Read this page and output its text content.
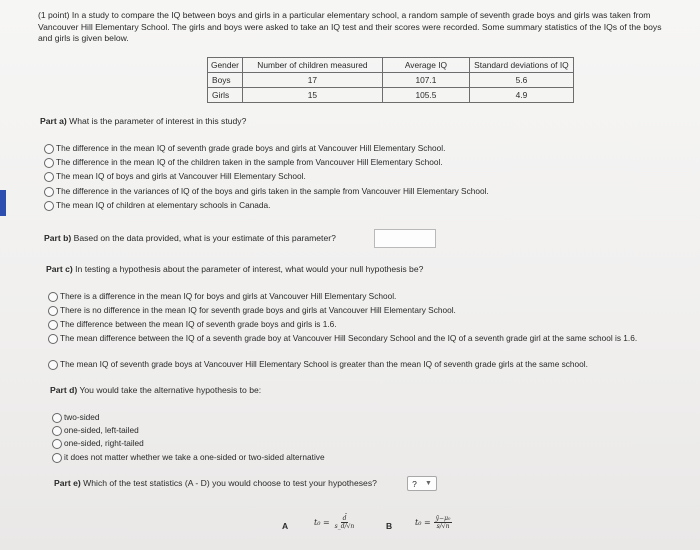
(1 point) In a study to compare the IQ between boys and girls in a particular elementary school, a random sample of seventh grade boys and girls was taken from Vancouver Hill Elementary School. The girls and boys were asked to take an IQ test and their scores were recorded. Some summary statistics of the IQs of the boys and girls is given below.
Gender	Number of children measured	Average IQ	Standard deviations of IQ
Boys	17	107.1	5.6
Girls	15	105.5	4.9
Part a) What is the parameter of interest in this study?
The difference in the mean IQ of seventh grade grade boys and girls at Vancouver Hill Elementary School.
The difference in the mean IQ of the children taken in the sample from Vancouver Hill Elementary School.
The mean IQ of boys and girls at Vancouver Hill Elementary School.
The difference in the variances of IQ of the boys and girls taken in the sample from Vancouver Hill Elementary School.
The mean IQ of children at elementary schools in Canada.
Part b) Based on the data provided, what is your estimate of this parameter?
Part c) In testing a hypothesis about the parameter of interest, what would your null hypothesis be?
There is a difference in the mean IQ for boys and girls at Vancouver Hill Elementary School.
There is no difference in the mean IQ for seventh grade boys and girls at Vancouver Hill Elementary School.
The difference between the mean IQ of seventh grade boys and girls is 1.6.
The mean difference between the IQ of a seventh grade boy at Vancouver Hill Secondary School and the IQ of a seventh grade girl at the same school is 1.6.
The mean IQ of seventh grade boys at Vancouver Hill Elementary School is greater than the mean IQ of seventh grade girls at the same school.
Part d) You would take the alternative hypothesis to be:
two-sided
one-sided, left-tailed
one-sided, right-tailed
it does not matter whether we take a one-sided or two-sided alternative
Part e) Which of the test statistics (A - D) you would choose to test your hypotheses?	? ▼
A	$t_0 = \frac{d̄}{s\_d/√n}$	B	$t_0 = \frac{\text{ȳ−μ₀}}{s/√n}$
